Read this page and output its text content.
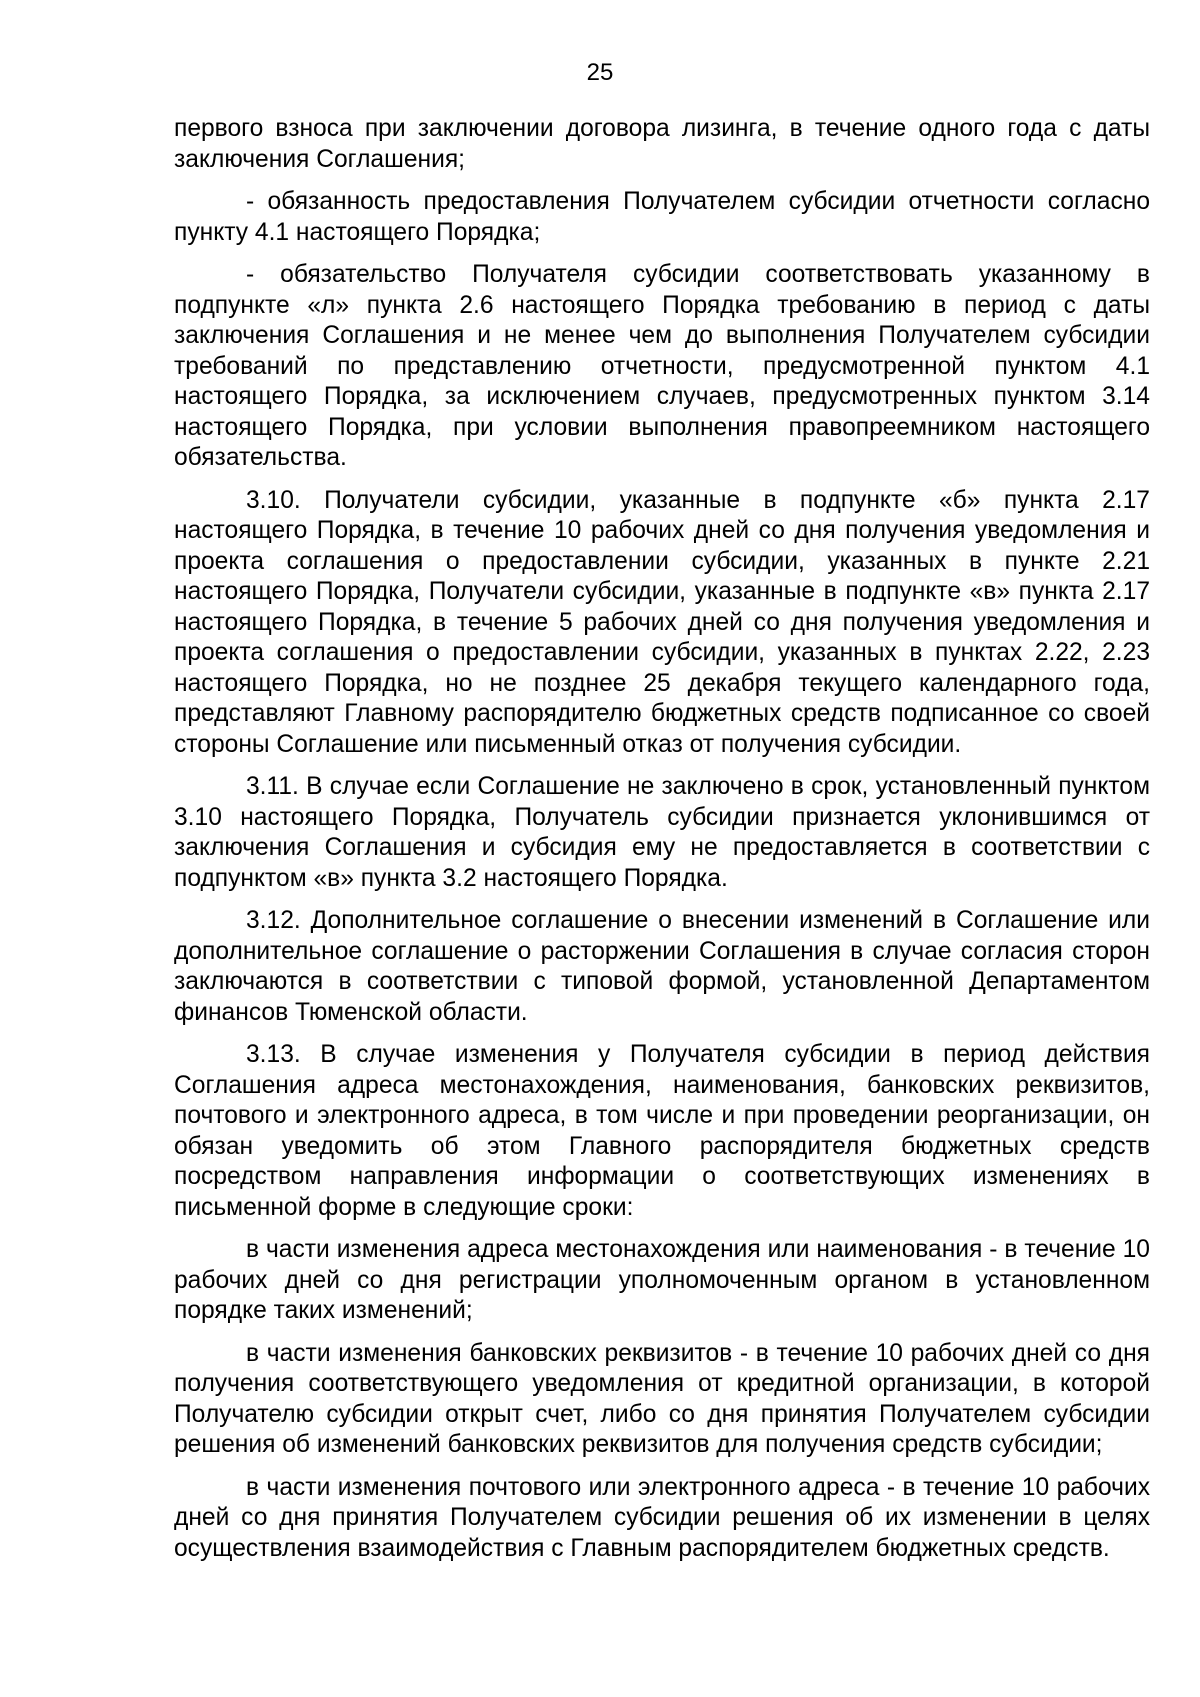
25

первого взноса при заключении договора лизинга, в течение одного года с даты заключения Соглашения;

- обязанность предоставления Получателем субсидии отчетности согласно пункту 4.1 настоящего Порядка;

- обязательство Получателя субсидии соответствовать указанному в подпункте «л» пункта 2.6 настоящего Порядка требованию в период с даты заключения Соглашения и не менее чем до выполнения Получателем субсидии требований по представлению отчетности, предусмотренной пунктом 4.1 настоящего Порядка, за исключением случаев, предусмотренных пунктом 3.14 настоящего Порядка, при условии выполнения правопреемником настоящего обязательства.

3.10. Получатели субсидии, указанные в подпункте «б» пункта 2.17 настоящего Порядка, в течение 10 рабочих дней со дня получения уведомления и проекта соглашения о предоставлении субсидии, указанных в пункте 2.21 настоящего Порядка, Получатели субсидии, указанные в подпункте «в» пункта 2.17 настоящего Порядка, в течение 5 рабочих дней со дня получения уведомления и проекта соглашения о предоставлении субсидии, указанных в пунктах 2.22, 2.23 настоящего Порядка, но не позднее 25 декабря текущего календарного года, представляют Главному распорядителю бюджетных средств подписанное со своей стороны Соглашение или письменный отказ от получения субсидии.

3.11. В случае если Соглашение не заключено в срок, установленный пунктом 3.10 настоящего Порядка, Получатель субсидии признается уклонившимся от заключения Соглашения и субсидия ему не предоставляется в соответствии с подпунктом «в» пункта 3.2 настоящего Порядка.

3.12. Дополнительное соглашение о внесении изменений в Соглашение или дополнительное соглашение о расторжении Соглашения в случае согласия сторон заключаются в соответствии с типовой формой, установленной Департаментом финансов Тюменской области.

3.13. В случае изменения у Получателя субсидии в период действия Соглашения адреса местонахождения, наименования, банковских реквизитов, почтового и электронного адреса, в том числе и при проведении реорганизации, он обязан уведомить об этом Главного распорядителя бюджетных средств посредством направления информации о соответствующих изменениях в письменной форме в следующие сроки:

в части изменения адреса местонахождения или наименования - в течение 10 рабочих дней со дня регистрации уполномоченным органом в установленном порядке таких изменений;

в части изменения банковских реквизитов - в течение 10 рабочих дней со дня получения соответствующего уведомления от кредитной организации, в которой Получателю субсидии открыт счет, либо со дня принятия Получателем субсидии решения об изменений банковских реквизитов для получения средств субсидии;

в части изменения почтового или электронного адреса - в течение 10 рабочих дней со дня принятия Получателем субсидии решения об их изменении в целях осуществления взаимодействия с Главным распорядителем бюджетных средств.
